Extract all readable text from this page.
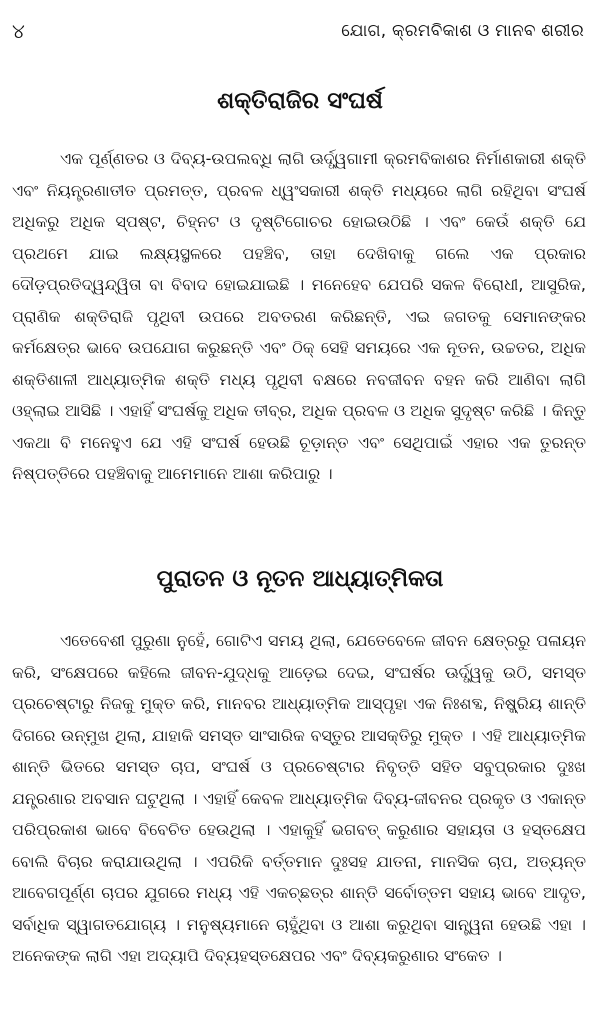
୪	ଯୋଗ, କ୍ରମବିକାଶ ଓ ମାନବ ଶରୀର
ଶକ୍ତିରାଜିର ସଂଘର୍ଷ

ଏକ ପୂର୍ଣ୍ଣତର ଓ ଦିବ୍ୟ-ଉପଲବ୍ଧି ଲାଗି ଊର୍ଦ୍ଧ୍ୱଗାମୀ କ୍ରମବିକାଶର ନିର୍ମାଣକାରୀ ଶକ୍ତି ଏବଂ ନିୟନ୍ତ୍ରଣାତୀତ ପ୍ରମତ୍ତ, ପ୍ରବଳ ଧ୍ୱଂସକାରୀ ଶକ୍ତି ମଧ୍ୟରେ ଲାଗି ରହିଥିବା ସଂଘର୍ଷ ଅଧିକରୁ ଅଧିକ ସ୍ପଷ୍ଟ, ଚିହ୍ନଟ ଓ ଦୃଷ୍ଟିଗୋଚର ହୋଇଉଠିଛି । ଏବଂ କେଉଁ ଶକ୍ତି ଯେ ପ୍ରଥମେ ଯାଇ ଲକ୍ଷ୍ୟସ୍ଥଳରେ ପହଞ୍ଚିବ, ତାହା ଦେଖିବାକୁ ଗଲେ ଏକ ପ୍ରକାର ଦୌଡ଼ପ୍ରତିଦ୍ୱନ୍ଦ୍ୱିତା ବା ବିବାଦ ହୋଇଯାଇଛି । ମନେହେବ ଯେପରି ସକଳ ବିରୋଧୀ, ଆସୁରିକ, ପ୍ରାଣିକ ଶକ୍ତିରାଜି ପୃଥିବୀ ଉପରେ ଅବତରଣ କରିଛନ୍ତି, ଏଇ ଜଗତକୁ ସେମାନଙ୍କର କର୍ମକ୍ଷେତ୍ର ଭାବେ ଉପଯୋଗ କରୁଛନ୍ତି ଏବଂ ଠିକ୍ ସେହି ସମୟରେ ଏକ ନୂତନ, ଉଚ୍ଚତର, ଅଧିକ ଶକ୍ତିଶାଳୀ ଆଧ୍ୟାତ୍ମିକ ଶକ୍ତି ମଧ୍ୟ ପୃଥିବୀ ବକ୍ଷରେ ନବଜୀବନ ବହନ କରି ଆଣିବା ଲାଗି ଓହ୍ଲାଇ ଆସିଛି । ଏହାହିଁ ସଂଘର୍ଷକୁ ଅଧିକ ତୀବ୍ର, ଅଧିକ ପ୍ରବଳ ଓ ଅଧିକ ସୁଦୃଷ୍ଟ କରିଛି । କିନ୍ତୁ ଏକଥା ବି ମନେହୁଏ ଯେ ଏହି ସଂଘର୍ଷ ହେଉଛି ଚୂଡ଼ାନ୍ତ ଏବଂ ସେଥିପାଇଁ ଏହାର ଏକ ତୁରନ୍ତ ନିଷ୍ପତ୍ତିରେ ପହଞ୍ଚିବାକୁ ଆମେମାନେ ଆଶା କରିପାରୁ ।

ପୁରାତନ ଓ ନୂତନ ଆଧ୍ୟାତ୍ମିକତା

ଏତେବେଶୀ ପୁରୁଣା ନୁହେଁ, ଗୋଟିଏ ସମୟ ଥିଲା, ଯେତେବେଳେ ଜୀବନ କ୍ଷେତ୍ରରୁ ପଳାୟନ କରି, ସଂକ୍ଷେପରେ କହିଲେ ଜୀବନ-ଯୁଦ୍ଧକୁ ଆଡ଼େଇ ଦେଇ, ସଂଘର୍ଷର ଊର୍ଦ୍ଧ୍ୱକୁ ଉଠି, ସମସ୍ତ ପ୍ରଚେଷ୍ଟାରୁ ନିଜକୁ ମୁକ୍ତ କରି, ମାନବର ଆଧ୍ୟାତ୍ମିକ ଆସ୍ପୃହା ଏକ ନିଃଶବ୍ଦ, ନିଷ୍କ୍ରିୟ ଶାନ୍ତି ଦିଗରେ ଉନ୍ମୁଖ ଥିଲା, ଯାହାକି ସମସ୍ତ ସାଂସାରିକ ବସ୍ତୁର ଆସକ୍ତିରୁ ମୁକ୍ତ । ଏହି ଆଧ୍ୟାତ୍ମିକ ଶାନ୍ତି ଭିତରେ ସମସ୍ତ ଚାପ, ସଂଘର୍ଷ ଓ ପ୍ରଚେଷ୍ଟାର ନିବୃତ୍ତି ସହିତ ସବୁପ୍ରକାର ଦୁଃଖ ଯନ୍ତ୍ରଣାର ଅବସାନ ଘଟୁଥିଲା । ଏହାହିଁ କେବଳ ଆଧ୍ୟାତ୍ମିକ ଦିବ୍ୟ-ଜୀବନର ପ୍ରକୃତ ଓ ଏକାନ୍ତ ପରିପ୍ରକାଶ ଭାବେ ବିବେଚିତ ହେଉଥିଲା । ଏହାକୁହିଁ ଭଗବତ୍ କରୁଣାର ସହାୟତା ଓ ହସ୍ତକ୍ଷେପ ବୋଲି ବିଚାର କରାଯାଉଥିଲା । ଏପରିକି ବର୍ତ୍ତମାନ ଦୁଃସହ ଯାତନା, ମାନସିକ ଚାପ, ଅତ୍ୟନ୍ତ ଆବେଗପୂର୍ଣ୍ଣ ଚାପର ଯୁଗରେ ମଧ୍ୟ ଏହି ଏକଚ୍ଛତ୍ର ଶାନ୍ତି ସର୍ବୋତ୍ତମ ସହାୟ ଭାବେ ଆଦୃତ, ସର୍ବାଧିକ ସ୍ୱାଗତଯୋଗ୍ୟ । ମନୁଷ୍ୟମାନେ ଚାହୁଁଥିବା ଓ ଆଶା କରୁଥିବା ସାନ୍ତ୍ୱନା ହେଉଛି ଏହା । ଅନେକଙ୍କ ଲାଗି ଏହା ଅଦ୍ୟାପି ଦିବ୍ୟହସ୍ତକ୍ଷେପର ଏବଂ ଦିବ୍ୟକରୁଣାର ସଂକେତ ।
